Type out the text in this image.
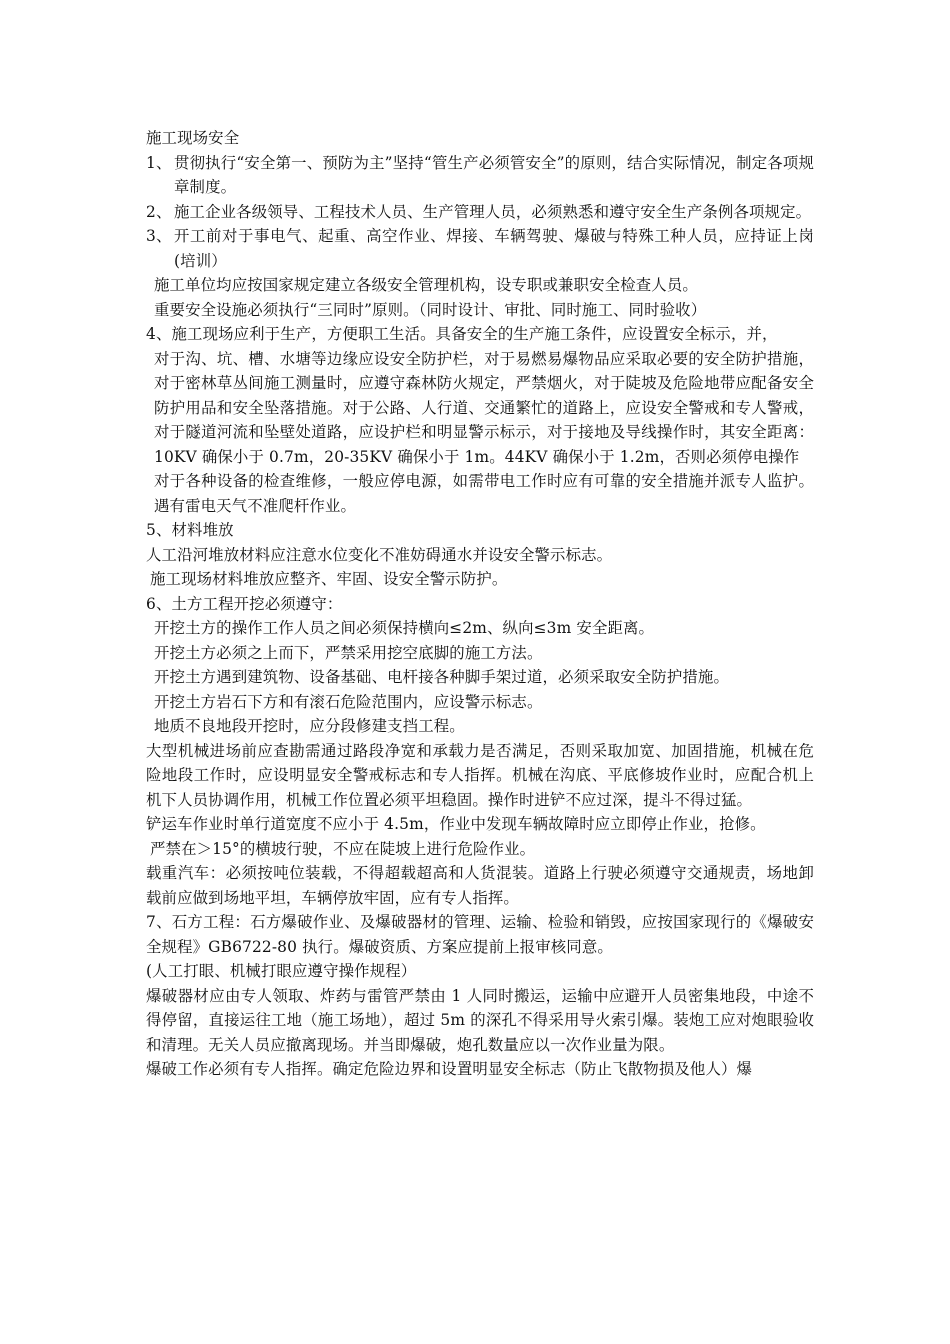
施工现场安全

1、 贯彻执行“安全第一、预防为主”坚持“管生产必须管安全”的原则，结合实际情况，制定各项规章制度。
2、 施工企业各级领导、工程技术人员、生产管理人员，必须熟悉和遵守安全生产条例各项规定。
3、 开工前对于事电气、起重、高空作业、焊接、车辆驾驶、爆破与特殊工种人员，应持证上岗(培训）

施工单位均应按国家规定建立各级安全管理机构，设专职或兼职安全检查人员。

重要安全设施必须执行“三同时”原则。（同时设计、审批、同时施工、同时验收）

4、施工现场应利于生产，方便职工生活。具备安全的生产施工条件，应设置安全标示，并，

对于沟、坑、槽、水塘等边缘应设安全防护栏，对于易燃易爆物品应采取必要的安全防护措施，对于密林草丛间施工测量时，应遵守森林防火规定，严禁烟火，对于陡坡及危险地带应配备安全防护用品和安全坠落措施。对于公路、人行道、交通繁忙的道路上，应设安全警戒和专人警戒，对于隧道河流和坠壁处道路，应设护栏和明显警示标示，对于接地及导线操作时，其安全距离：10KV 确保小于 0.7m，20-35KV 确保小于 1m。44KV 确保小于 1.2m，否则必须停电操作

对于各种设备的检查维修，一般应停电源，如需带电工作时应有可靠的安全措施并派专人监护。遇有雷电天气不准爬杆作业。

5、材料堆放

人工沿河堆放材料应注意水位变化不准妨碍通水并设安全警示标志。

施工现场材料堆放应整齐、牢固、设安全警示防护。

6、土方工程开挖必须遵守：

开挖土方的操作工作人员之间必须保持横向≤2m、纵向≤3m 安全距离。

开挖土方必须之上而下，严禁采用挖空底脚的施工方法。

开挖土方遇到建筑物、设备基础、电杆接各种脚手架过道，必须采取安全防护措施。

开挖土方岩石下方和有滚石危险范围内，应设警示标志。

地质不良地段开挖时，应分段修建支挡工程。

大型机械进场前应查勘需通过路段净宽和承载力是否满足，否则采取加宽、加固措施，机械在危险地段工作时，应设明显安全警戒标志和专人指挥。机械在沟底、平底修坡作业时，应配合机上机下人员协调作用，机械工作位置必须平坦稳固。操作时进铲不应过深，提斗不得过猛。

铲运车作业时单行道宽度不应小于 4.5m，作业中发现车辆故障时应立即停止作业，抢修。

严禁在＞15°的横坡行驶，不应在陡坡上进行危险作业。

载重汽车：必须按吨位装载，不得超载超高和人货混装。道路上行驶必须遵守交通规责，场地卸载前应做到场地平坦，车辆停放牢固，应有专人指挥。

7、石方工程：石方爆破作业、及爆破器材的管理、运输、检验和销毁，应按国家现行的《爆破安全规程》GB6722-80 执行。爆破资质、方案应提前上报审核同意。

(人工打眼、机械打眼应遵守操作规程）

爆破器材应由专人领取、炸药与雷管严禁由 1 人同时搬运，运输中应避开人员密集地段，中途不得停留，直接运往工地（施工场地），超过 5m 的深孔不得采用导火索引爆。装炮工应对炮眼验收和清理。无关人员应撤离现场。并当即爆破，炮孔数量应以一次作业量为限。

爆破工作必须有专人指挥。确定危险边界和设置明显安全标志（防止飞散物损及他人）爆
